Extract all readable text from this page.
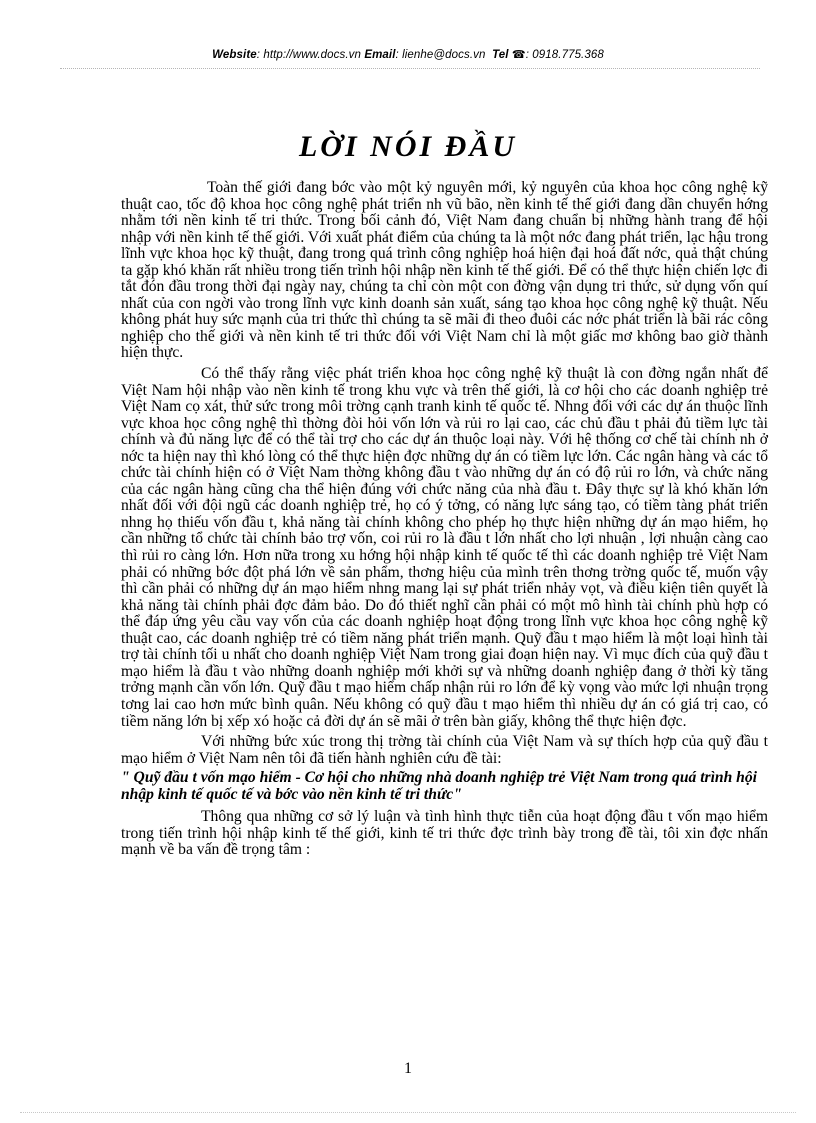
Website: http://www.docs.vn Email: lienhe@docs.vn Tel ☎: 0918.775.368
LỜI NÓI ĐẦU

Toàn thế giới đang bớc vào một kỷ nguyên mới, kỷ nguyên của khoa học công nghệ kỹ thuật cao, tốc độ khoa học công nghệ phát triển nh vũ bão, nền kinh tế thế giới đang dần chuyển hớng nhằm tới nền kinh tế tri thức. Trong bối cảnh đó, Việt Nam đang chuẩn bị những hành trang để hội nhập với nền kinh tế thế giới. Với xuất phát điểm của chúng ta là một nớc đang phát triển, lạc hậu trong lĩnh vực khoa học kỹ thuật, đang trong quá trình công nghiệp hoá hiện đại hoá đất nớc, quả thật chúng ta gặp khó khăn rất nhiều trong tiến trình hội nhập nền kinh tế thế giới. Để có thể thực hiện chiến lợc đi tắt đón đầu trong thời đại ngày nay, chúng ta chỉ còn một con đờng vận dụng tri thức, sử dụng vốn quí nhất của con ngời vào trong lĩnh vực kinh doanh sản xuất, sáng tạo khoa học công nghệ kỹ thuật. Nếu không phát huy sức mạnh của tri thức thì chúng ta sẽ mãi đi theo đuôi các nớc phát triển là bãi rác công nghiệp cho thế giới và nền kinh tế tri thức đối với Việt Nam chỉ là một giấc mơ không bao giờ thành hiện thực.

Có thể thấy rằng việc phát triển khoa học công nghệ kỹ thuật là con đờng ngắn nhất để Việt Nam hội nhập vào nền kinh tế trong khu vực và trên thế giới, là cơ hội cho các doanh nghiệp trẻ Việt Nam cọ xát, thử sức trong môi trờng cạnh tranh kinh tế quốc tế. Nhng đối với các dự án thuộc lĩnh vực khoa học công nghệ thì thờng đòi hỏi vốn lớn và rủi ro lại cao, các chủ đầu t phải đủ tiềm lực tài chính và đủ năng lực để có thể tài trợ cho các dự án thuộc loại này. Với hệ thống cơ chế tài chính nh ở nớc ta hiện nay thì khó lòng có thể thực hiện đợc những dự án có tiềm lực lớn. Các ngân hàng và các tổ chức tài chính hiện có ở Việt Nam thờng không đầu t vào những dự án có độ rủi ro lớn, và chức năng của các ngân hàng cũng cha thể hiện đúng với chức năng của nhà đầu t. Đây thực sự là khó khăn lớn nhất đối với đội ngũ các doanh nghiệp trẻ, họ có ý tởng, có năng lực sáng tạo, có tiềm tàng phát triển nhng họ thiếu vốn đầu t, khả năng tài chính không cho phép họ thực hiện những dự án mạo hiểm, họ cần những tổ chức tài chính bảo trợ vốn, coi rủi ro là đầu t lớn nhất cho lợi nhuận , lợi nhuận càng cao thì rủi ro càng lớn. Hơn nữa trong xu hớng hội nhập kinh tế quốc tế thì các doanh nghiệp trẻ Việt Nam phải có những bớc đột phá lớn về sản phẩm, thơng hiệu của mình trên thơng trờng quốc tế, muốn vậy thì cần phải có những dự án mạo hiểm nhng mang lại sự phát triển nhảy vọt, và điều kiện tiên quyết là khả năng tài chính phải đợc đảm bảo. Do đó thiết nghĩ cần phải có một mô hình tài chính phù hợp có thể đáp ứng yêu cầu vay vốn của các doanh nghiệp hoạt động trong lĩnh vực khoa học công nghệ kỹ thuật cao, các doanh nghiệp trẻ có tiềm năng phát triển mạnh. Quỹ đầu t mạo hiểm là một loại hình tài trợ tài chính tối u nhất cho doanh nghiệp Việt Nam trong giai đoạn hiện nay. Vì mục đích của quỹ đầu t mạo hiểm là đầu t vào những doanh nghiệp mới khởi sự và những doanh nghiệp đang ở thời kỳ tăng trởng mạnh cần vốn lớn. Quỹ đầu t mạo hiểm chấp nhận rủi ro lớn để kỳ vọng vào mức lợi nhuận trọng tơng lai cao hơn mức bình quân. Nếu không có quỹ đầu t mạo hiểm thì nhiều dự án có giá trị cao, có tiềm năng lớn bị xếp xó hoặc cả đời dự án sẽ mãi ở trên bàn giấy, không thể thực hiện đợc.

Với những bức xúc trong thị trờng tài chính của Việt Nam và sự thích hợp của quỹ đầu t mạo hiểm ở Việt Nam nên tôi đã tiến hành nghiên cứu đề tài:

" Quỹ đầu t vốn mạo hiểm - Cơ hội cho những nhà doanh nghiệp trẻ Việt Nam trong quá trình hội nhập kinh tế quốc tế và bớc vào nền kinh tế tri thức"

Thông qua những cơ sở lý luận và tình hình thực tiễn của hoạt động đầu t vốn mạo hiểm trong tiến trình hội nhập kinh tế thế giới, kinh tế tri thức đợc trình bày trong đề tài, tôi xin đợc nhấn mạnh về ba vấn đề trọng tâm :

1
